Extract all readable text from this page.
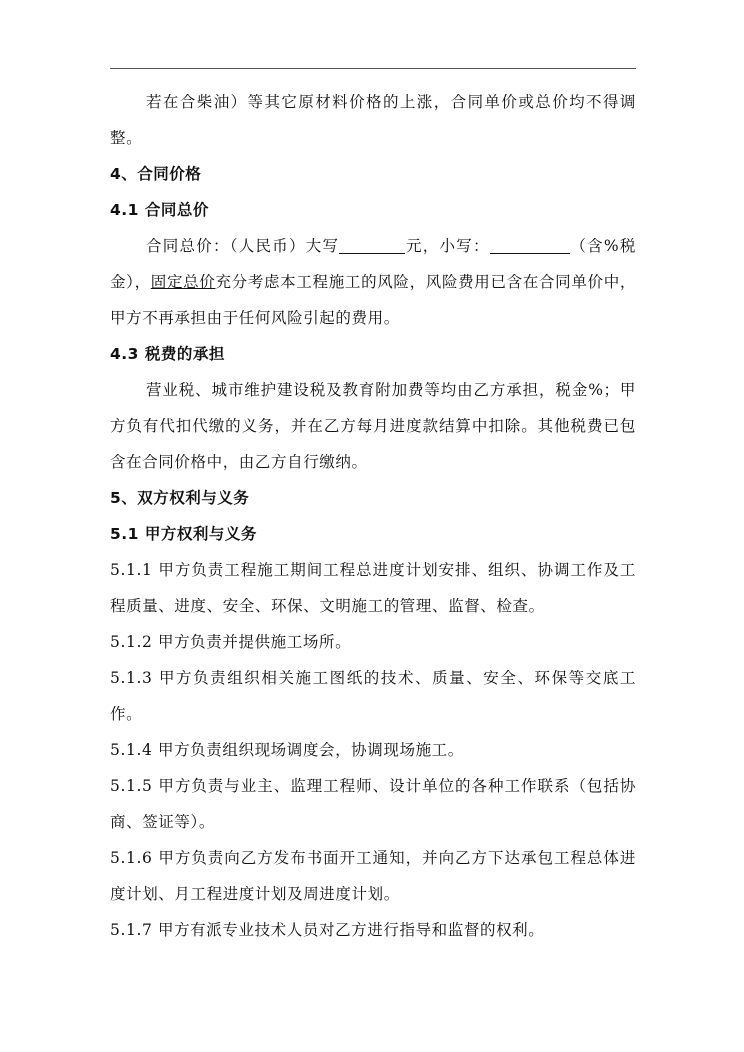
若在合柴油）等其它原材料价格的上涨，合同单价或总价均不得调整。

4、合同价格

4.1 合同总价

合同总价：（人民币）大写	元，小写：	（含%税金），固定总价充分考虑本工程施工的风险，风险费用已含在合同单价中，甲方不再承担由于任何风险引起的费用。

4.3 税费的承担

营业税、城市维护建设税及教育附加费等均由乙方承担，税金%；甲方负有代扣代缴的义务，并在乙方每月进度款结算中扣除。其他税费已包含在合同价格中，由乙方自行缴纳。

5、双方权利与义务

5.1 甲方权利与义务

5.1.1 甲方负责工程施工期间工程总进度计划安排、组织、协调工作及工程质量、进度、安全、环保、文明施工的管理、监督、检查。

5.1.2 甲方负责并提供施工场所。

5.1.3 甲方负责组织相关施工图纸的技术、质量、安全、环保等交底工作。

5.1.4 甲方负责组织现场调度会，协调现场施工。

5.1.5 甲方负责与业主、监理工程师、设计单位的各种工作联系（包括协商、签证等）。

5.1.6 甲方负责向乙方发布书面开工通知，并向乙方下达承包工程总体进度计划、月工程进度计划及周进度计划。

5.1.7 甲方有派专业技术人员对乙方进行指导和监督的权利。
